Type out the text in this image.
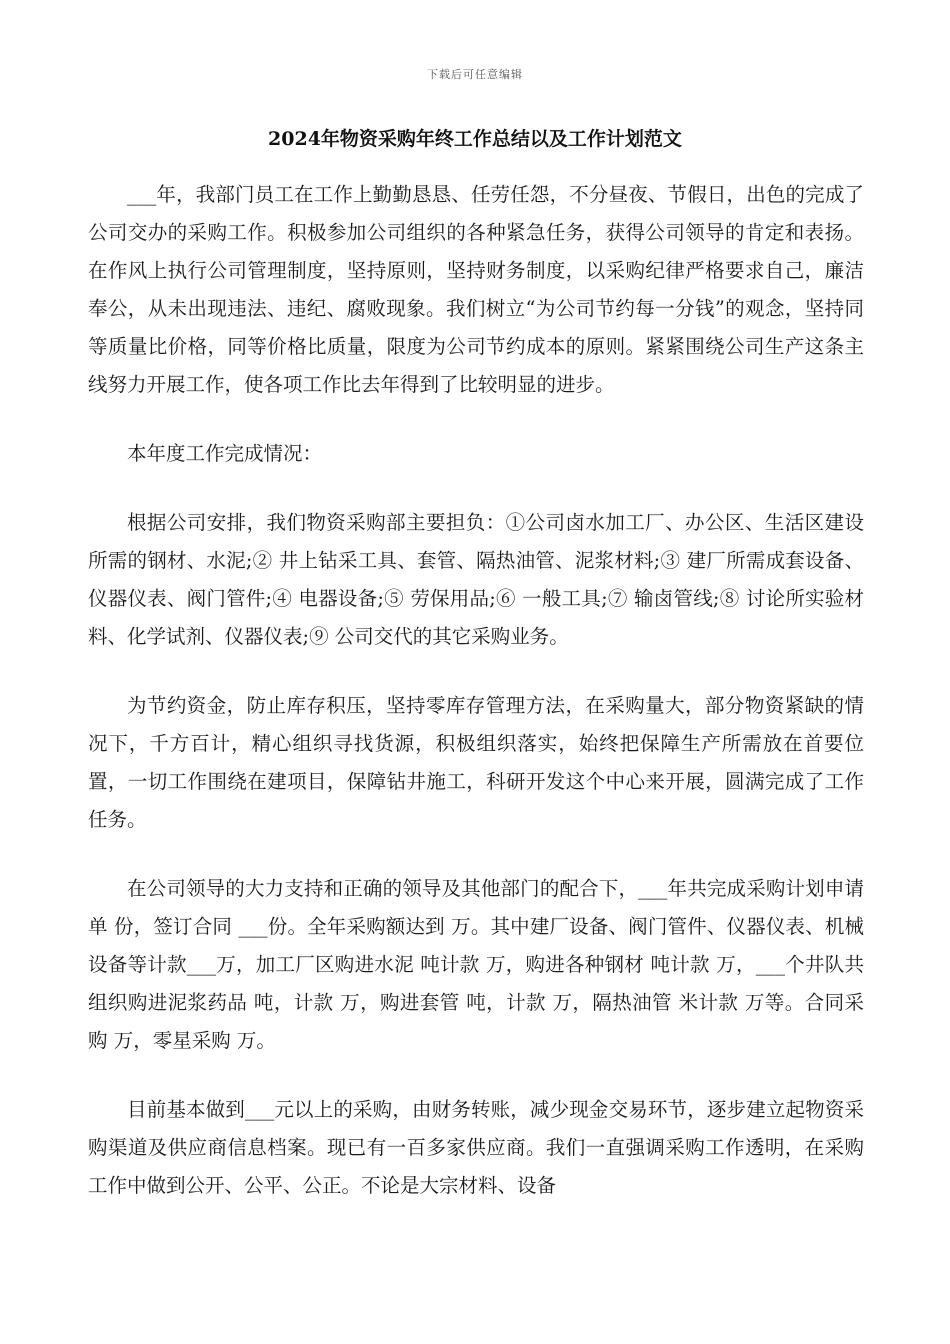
下载后可任意编辑
2024年物资采购年终工作总结以及工作计划范文

___年，我部门员工在工作上勤勤恳恳、任劳任怨，不分昼夜、节假日，出色的完成了公司交办的采购工作。积极参加公司组织的各种紧急任务，获得公司领导的肯定和表扬。在作风上执行公司管理制度，坚持原则，坚持财务制度，以采购纪律严格要求自己，廉洁奉公，从未出现违法、违纪、腐败现象。我们树立“为公司节约每一分钱”的观念，坚持同等质量比价格，同等价格比质量，限度为公司节约成本的原则。紧紧围绕公司生产这条主线努力开展工作，使各项工作比去年得到了比较明显的进步。

本年度工作完成情况：

根据公司安排，我们物资采购部主要担负：①公司卤水加工厂、办公区、生活区建设所需的钢材、水泥;② 井上钻采工具、套管、隔热油管、泥浆材料;③ 建厂所需成套设备、仪器仪表、阀门管件;④ 电器设备;⑤ 劳保用品;⑥ 一般工具;⑦ 输卤管线;⑧ 讨论所实验材料、化学试剂、仪器仪表;⑨ 公司交代的其它采购业务。

为节约资金，防止库存积压，坚持零库存管理方法，在采购量大，部分物资紧缺的情况下，千方百计，精心组织寻找货源，积极组织落实，始终把保障生产所需放在首要位置，一切工作围绕在建项目，保障钻井施工，科研开发这个中心来开展，圆满完成了工作任务。

在公司领导的大力支持和正确的领导及其他部门的配合下，___年共完成采购计划申请单 份，签订合同 ___份。全年采购额达到 万。其中建厂设备、阀门管件、仪器仪表、机械设备等计款___万，加工厂区购进水泥 吨计款 万，购进各种钢材 吨计款 万，___个井队共组织购进泥浆药品 吨，计款 万，购进套管 吨，计款 万，隔热油管 米计款 万等。合同采购 万，零星采购 万。

目前基本做到___元以上的采购，由财务转账，减少现金交易环节，逐步建立起物资采购渠道及供应商信息档案。现已有一百多家供应商。我们一直强调采购工作透明，在采购工作中做到公开、公平、公正。不论是大宗材料、设备
